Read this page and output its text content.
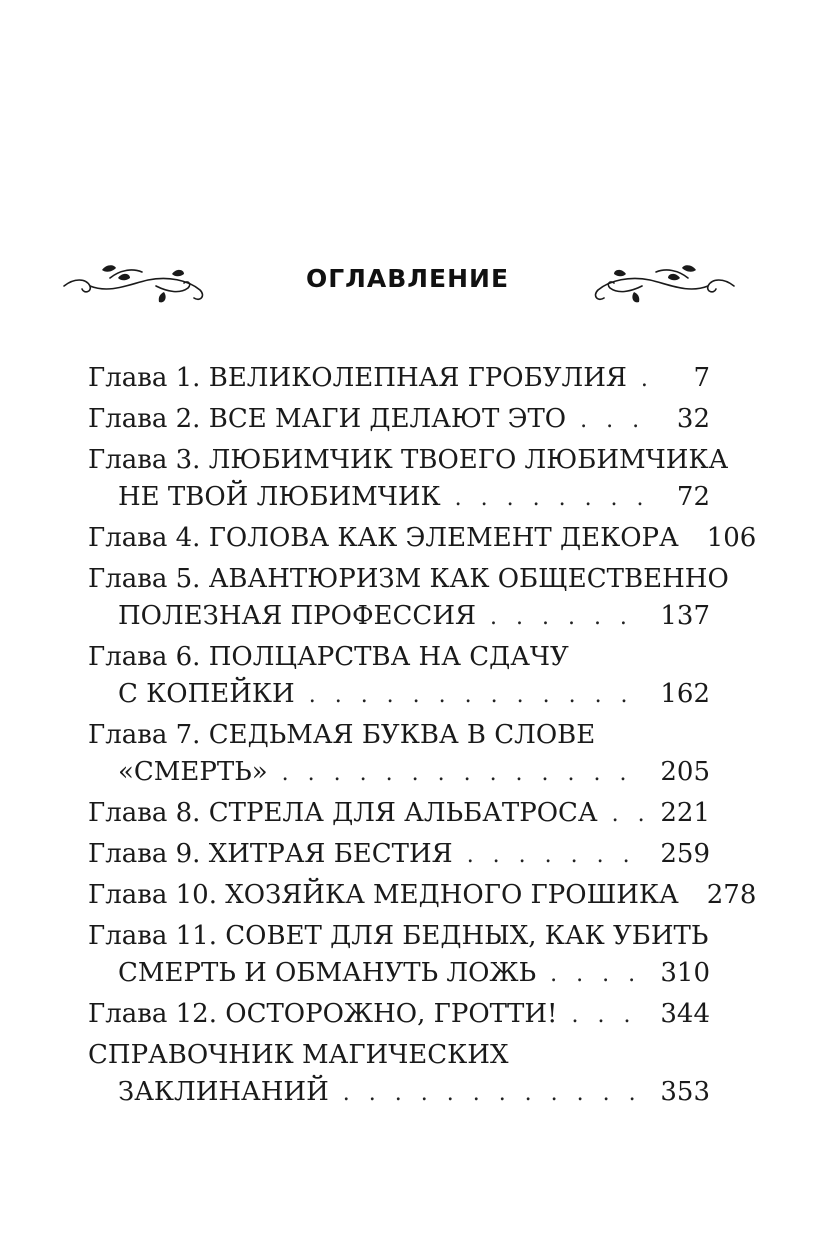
ОГЛАВЛЕНИЕ
Глава 1.
ВЕЛИКОЛЕПНАЯ ГРОБУЛИЯ . . .	7
Глава 2.
ВСЕ МАГИ ДЕЛАЮТ ЭТО . . .	32
Глава 3.
ЛЮБИМЧИК ТВОЕГО ЛЮБИМЧИКА
НЕ ТВОЙ ЛЮБИМЧИК . . .	72
Глава 4.
ГОЛОВА КАК ЭЛЕМЕНТ ДЕКОРА 106
Глава 5.
АВАНТЮРИЗМ КАК ОБЩЕСТВЕННО
ПОЛЕЗНАЯ ПРОФЕССИЯ . . .	137
Глава 6.
ПОЛЦАРСТВА НА СДАЧУ
С КОПЕЙКИ . . .	162
Глава 7.
СЕДЬМАЯ БУКВА В СЛОВЕ
«СМЕРТЬ» . . .	205
Глава 8.
СТРЕЛА ДЛЯ АЛЬБАТРОСА . . . 221
Глава 9.
ХИТРАЯ БЕСТИЯ . . .	259
Глава 10.
ХОЗЯЙКА МЕДНОГО ГРОШИКА 278
Глава 11.
СОВЕТ ДЛЯ БЕДНЫХ, КАК УБИТЬ
СМЕРТЬ И ОБМАНУТЬ ЛОЖЬ . . .	310
Глава 12.
ОСТОРОЖНО, ГРОТТИ! . . .	344
СПРАВОЧНИК МАГИЧЕСКИХ
ЗАКЛИНАНИЙ . . .	353
